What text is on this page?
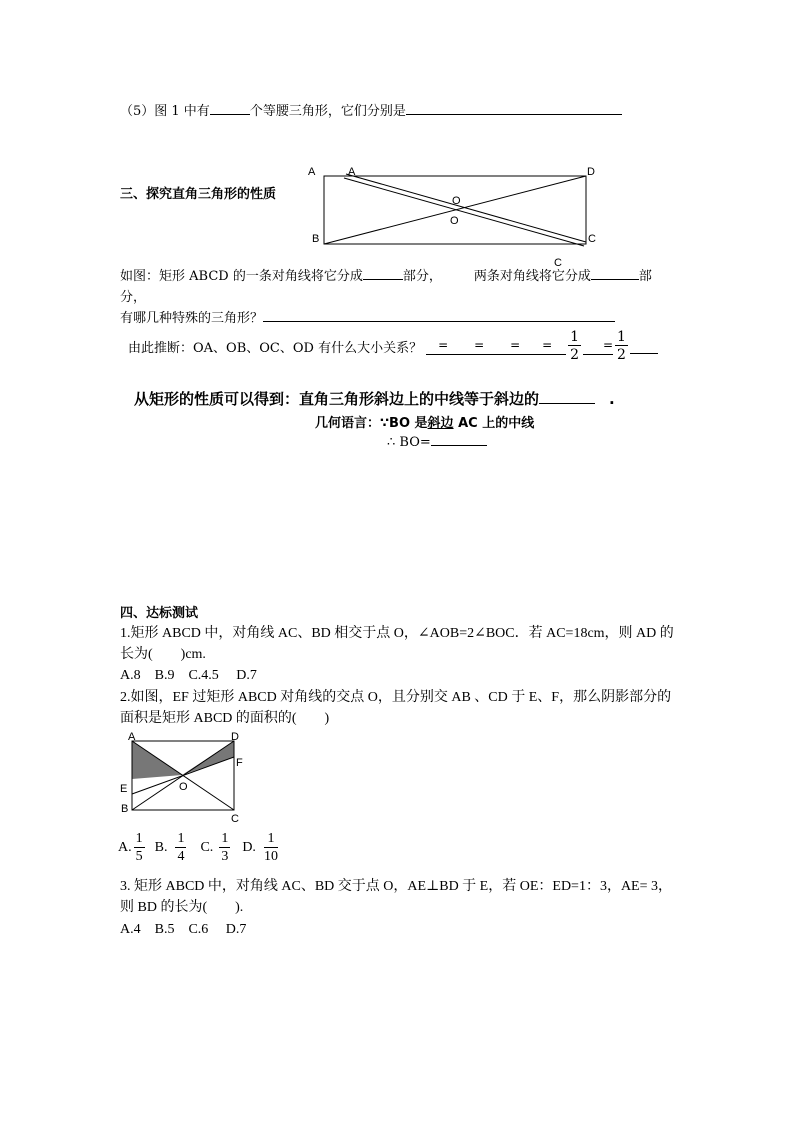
（5）图 1 中有	个等腰三角形，它们分别是
三、探究直角三角形的性质
A	A	D
B	C
C
O
O
如图：矩形 ABCD 的一条对角线将它分成	部分， 两条对角线将它分成	部
分，
有哪几种特殊的三角形？
由此推断：OA、OB、OC、OD 有什么大小关系？ = = = = $\frac{1}{2} = \frac{1}{2}$
从矩形的性质可以得到：直角三角形斜边上的中线等于斜边的	.
几何语言：∵BO 是斜边 AC 上的中线
∴ BO=
四、达标测试
1.矩形 ABCD 中，对角线 AC、BD 相交于点 O，∠AOB=2∠BOC．若 AC=18cm，则 AD 的
长为(　　)cm.
A.8　B.9　C.4.5　 D.7
2.如图，EF 过矩形 ABCD 对角线的交点 O，且分别交 AB 、CD 于 E、F，那么阴影部分的
面积是矩形 ABCD 的面积的(　　)
A	D
F
E	O
B
C
A. $\frac{1}{5} B$. $\frac{1}{4} C$. $\frac{1}{3} D$. $\frac{1}{10}$
3. 矩形 ABCD 中，对角线 AC、BD 交于点 O，AE⊥BD 于 E，若 OE：ED=1：3，AE= 3，
则 BD 的长为(　　).
A.4　B.5　C.6　 D.7
